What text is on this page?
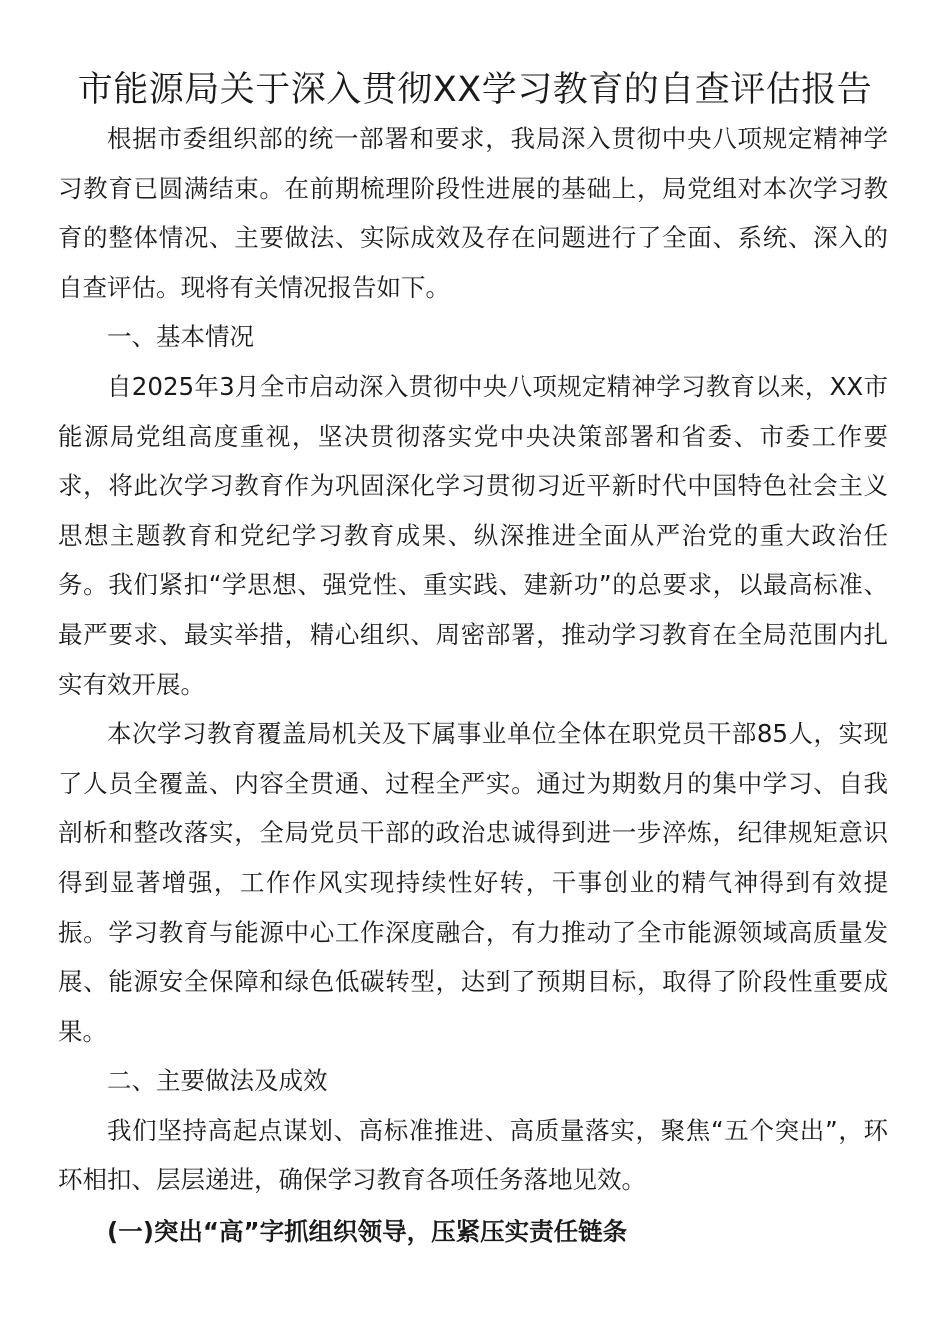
市能源局关于深入贯彻XX学习教育的自查评估报告

根据市委组织部的统一部署和要求，我局深入贯彻中央八项规定精神学习教育已圆满结束。在前期梳理阶段性进展的基础上，局党组对本次学习教育的整体情况、主要做法、实际成效及存在问题进行了全面、系统、深入的自查评估。现将有关情况报告如下。

一、基本情况

自2025年3月全市启动深入贯彻中央八项规定精神学习教育以来，XX市能源局党组高度重视，坚决贯彻落实党中央决策部署和省委、市委工作要求，将此次学习教育作为巩固深化学习贯彻习近平新时代中国特色社会主义思想主题教育和党纪学习教育成果、纵深推进全面从严治党的重大政治任务。我们紧扣“学思想、强党性、重实践、建新功”的总要求，以最高标准、最严要求、最实举措，精心组织、周密部署，推动学习教育在全局范围内扎实有效开展。

本次学习教育覆盖局机关及下属事业单位全体在职党员干部85人，实现了人员全覆盖、内容全贯通、过程全严实。通过为期数月的集中学习、自我剖析和整改落实，全局党员干部的政治忠诚得到进一步淬炼，纪律规矩意识得到显著增强，工作作风实现持续性好转，干事创业的精气神得到有效提振。学习教育与能源中心工作深度融合，有力推动了全市能源领域高质量发展、能源安全保障和绿色低碳转型，达到了预期目标，取得了阶段性重要成果。

二、主要做法及成效

我们坚持高起点谋划、高标准推进、高质量落实，聚焦“五个突出”，环环相扣、层层递进，确保学习教育各项任务落地见效。

(一)突出“高”字抓组织领导，压紧压实责任链条
